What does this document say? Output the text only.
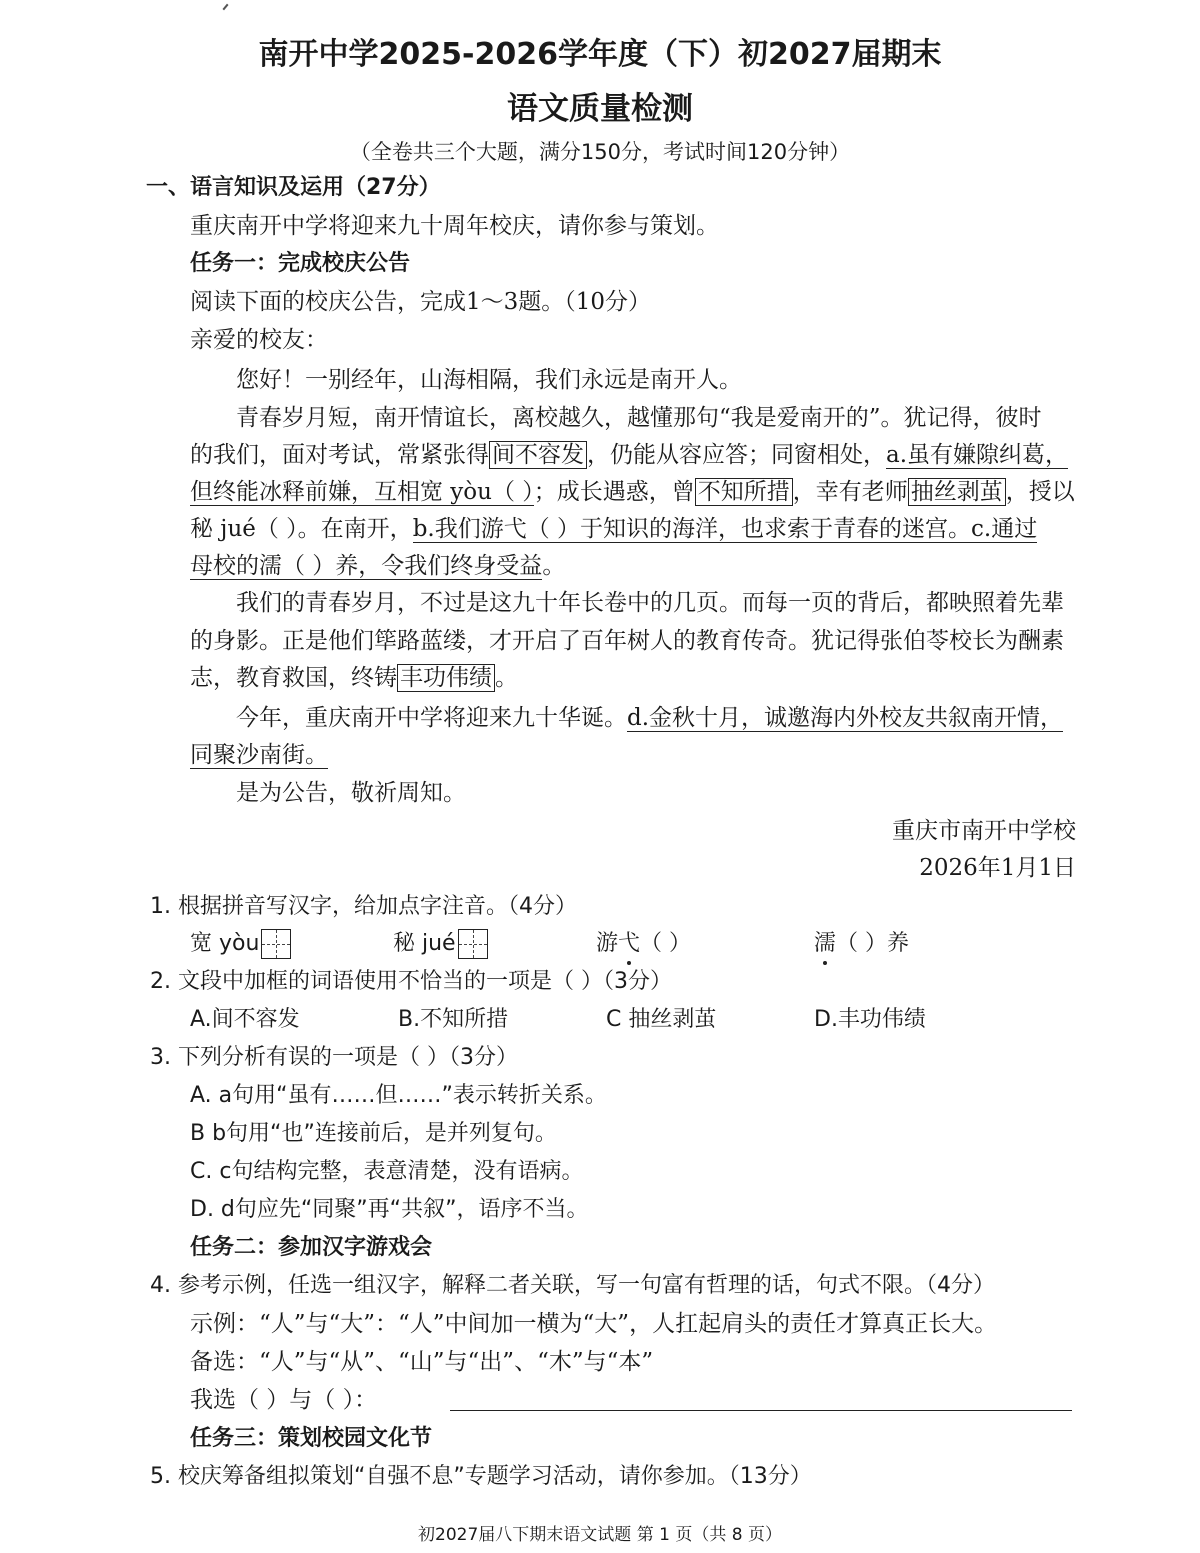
南开中学2025-2026学年度（下）初2027届期末
语文质量检测
（全卷共三个大题，满分150分，考试时间120分钟）
一、语言知识及运用（27分）
重庆南开中学将迎来九十周年校庆，请你参与策划。
任务一：完成校庆公告
阅读下面的校庆公告，完成1～3题。（10分）
亲爱的校友：
您好！一别经年，山海相隔，我们永远是南开人。
青春岁月短，南开情谊长，离校越久，越懂那句“我是爱南开的”。犹记得，彼时
的我们，面对考试，常紧张得 间不容发 ，仍能从容应答；同窗相处，a.虽有嫌隙纠葛，
但终能冰释前嫌，互相宽 yòu（ ）；成长遇惑，曾 不知所措 ，幸有老师 抽丝剥茧 ，授以
秘 jué（ ）。在南开，b.我们游弋（ ）于知识的海洋，也求索于青春的迷宫。c.通过
母校的濡（ ）养，令我们终身受益。
我们的青春岁月，不过是这九十年长卷中的几页。而每一页的背后，都映照着先辈
的身影。正是他们筚路蓝缕，才开启了百年树人的教育传奇。犹记得张伯苓校长为酬素
志，教育救国，终铸 丰功伟绩 。
今年，重庆南开中学将迎来九十华诞。d.金秋十月，诚邀海内外校友共叙南开情，
同聚沙南街。
是为公告，敬祈周知。
重庆市南开中学校
2026年1月1日
1. 根据拼音写汉字，给加点字注音。（4分）
宽 yòu	秘 jué	游弋（ ）	濡（ ）养
2. 文段中加框的词语使用不恰当的一项是（ ）（3分）
A.间不容发	B.不知所措	C 抽丝剥茧	D.丰功伟绩
3. 下列分析有误的一项是（ ）（3分）
A. a句用“虽有……但……”表示转折关系。
B b句用“也”连接前后，是并列复句。
C. c句结构完整，表意清楚，没有语病。
D. d句应先“同聚”再“共叙”，语序不当。
任务二：参加汉字游戏会
4. 参考示例，任选一组汉字，解释二者关联，写一句富有哲理的话，句式不限。（4分）
示例：“人”与“大”：“人”中间加一横为“大”，人扛起肩头的责任才算真正长大。
备选：“人”与“从”、“山”与“出”、“木”与“本”
我选（ ）与（ ）：
任务三：策划校园文化节
5. 校庆筹备组拟策划“自强不息”专题学习活动，请你参加。（13分）
初2027届八下期末语文试题 第 1 页（共 8 页）
